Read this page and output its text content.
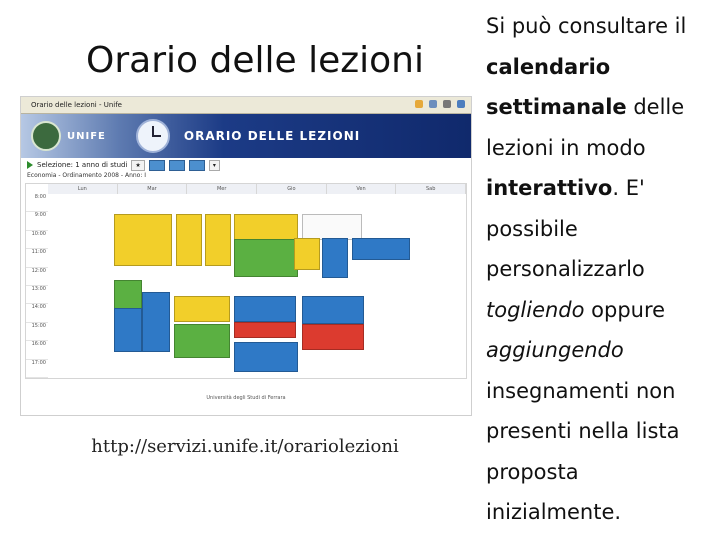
Orario delle lezioni
Orario delle lezioni - Unife
UNIFE	ORARIO DELLE LEZIONI
Selezione: 1 anno di studi	★	▾
Economia - Ordinamento 2008 - Anno: I
Lun	Mar	Mer	Gio	Ven	Sab
8:00
9:00
10:00
11:00
12:00
13:00
14:00
15:00
16:00
17:00
Università degli Studi di Ferrara
http://servizi.unife.it/orariolezioni
Si può consultare il calendario settimanale delle lezioni in modo interattivo. E' possibile personalizzarlo togliendo oppure aggiungendo insegnamenti non presenti nella lista proposta inizialmente.
